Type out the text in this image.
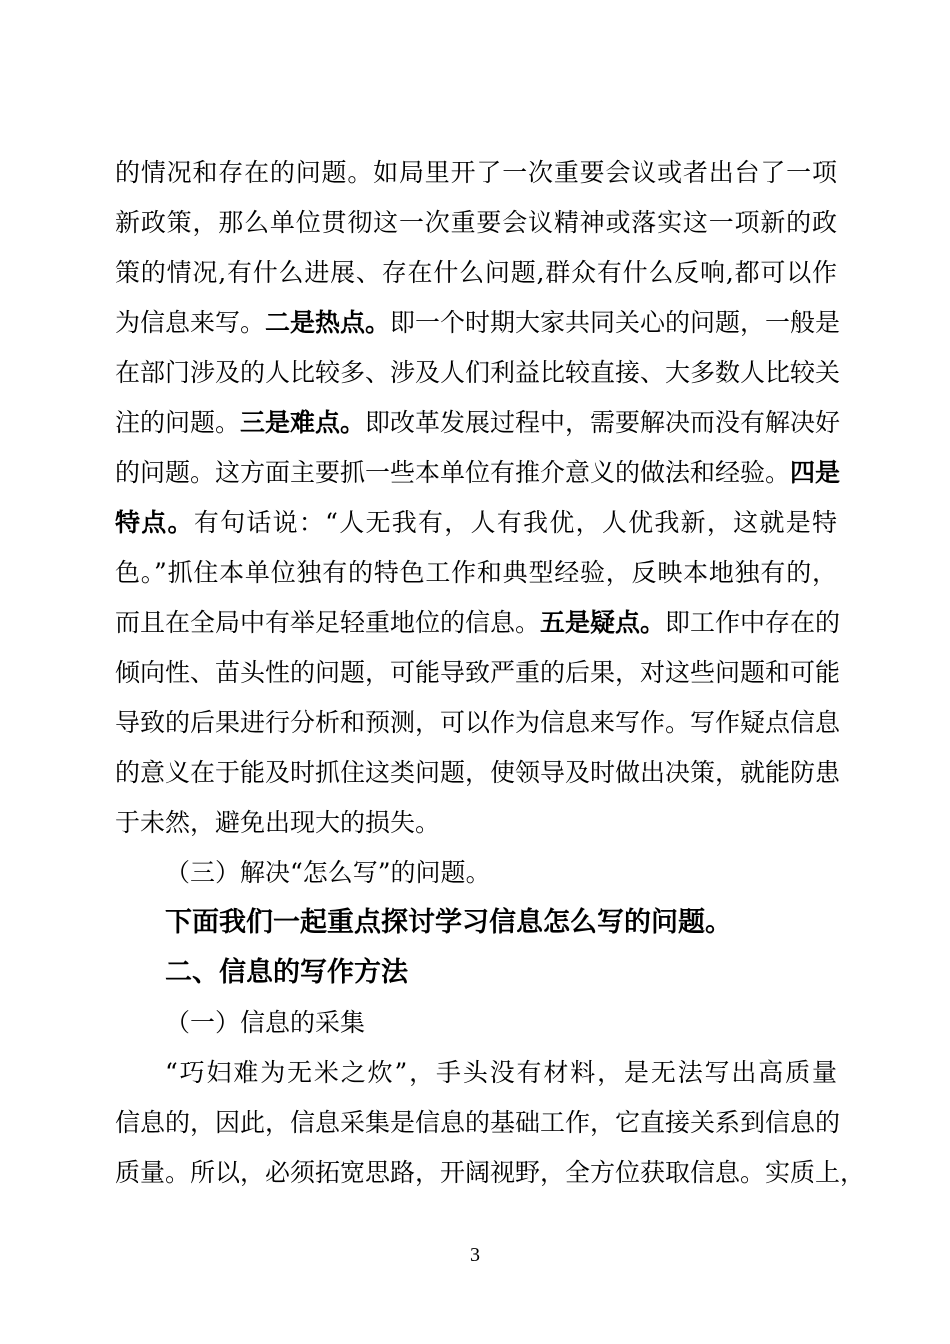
的情况和存在的问题。如局里开了一次重要会议或者出台了一项
新政策，那么单位贯彻这一次重要会议精神或落实这一项新的政
策的情况,有什么进展、存在什么问题,群众有什么反响,都可以作
为信息来写。二是热点。即一个时期大家共同关心的问题，一般是
在部门涉及的人比较多、涉及人们利益比较直接、大多数人比较关
注的问题。三是难点。即改革发展过程中，需要解决而没有解决好
的问题。这方面主要抓一些本单位有推介意义的做法和经验。四是
特点。有句话说：“人无我有，人有我优，人优我新，这就是特
色。”抓住本单位独有的特色工作和典型经验，反映本地独有的，
而且在全局中有举足轻重地位的信息。五是疑点。即工作中存在的
倾向性、苗头性的问题，可能导致严重的后果，对这些问题和可能
导致的后果进行分析和预测，可以作为信息来写作。写作疑点信息
的意义在于能及时抓住这类问题，使领导及时做出决策，就能防患
于未然，避免出现大的损失。
（三）解决“怎么写”的问题。
下面我们一起重点探讨学习信息怎么写的问题。
二、信息的写作方法
（一）信息的采集
“巧妇难为无米之炊”，手头没有材料，是无法写出高质量
信息的，因此，信息采集是信息的基础工作，它直接关系到信息的
质量。所以，必须拓宽思路，开阔视野，全方位获取信息。实质上，
3
